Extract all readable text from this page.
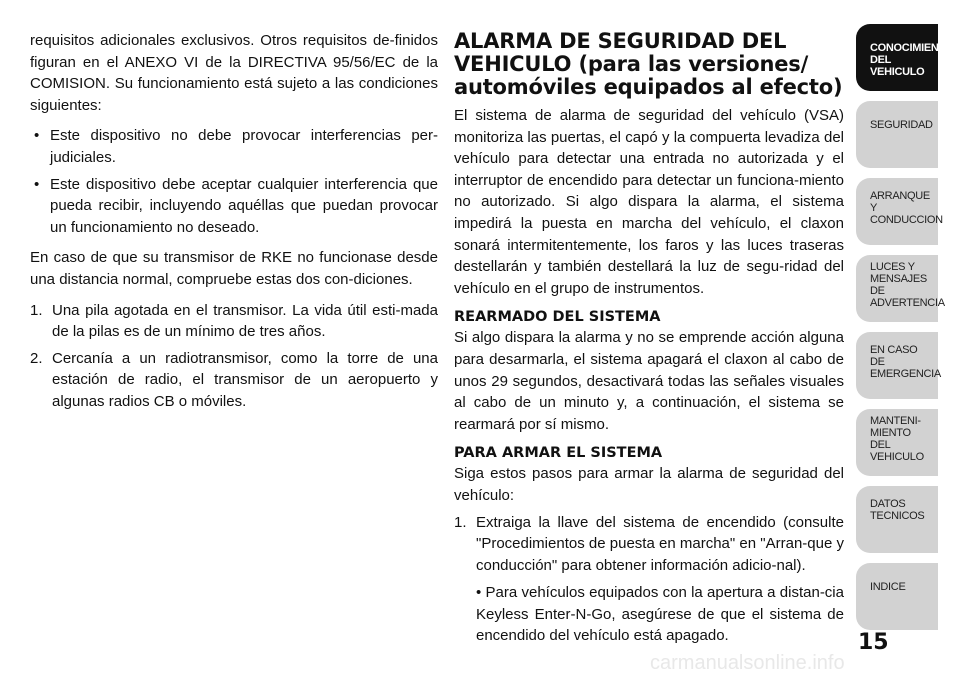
requisitos adicionales exclusivos. Otros requisitos de-finidos figuran en el ANEXO VI de la DIRECTIVA 95/56/EC de la COMISION. Su funcionamiento está sujeto a las condiciones siguientes:

• Este dispositivo no debe provocar interferencias per-judiciales.
• Este dispositivo debe aceptar cualquier interferencia que pueda recibir, incluyendo aquéllas que puedan provocar un funcionamiento no deseado.

En caso de que su transmisor de RKE no funcionase desde una distancia normal, compruebe estas dos con-diciones.

1. Una pila agotada en el transmisor. La vida útil esti-mada de la pilas es de un mínimo de tres años.
2. Cercanía a un radiotransmisor, como la torre de una estación de radio, el transmisor de un aeropuerto y algunas radios CB o móviles.
ALARMA DE SEGURIDAD DEL VEHICULO (para las versiones/ automóviles equipados al efecto)

El sistema de alarma de seguridad del vehículo (VSA) monitoriza las puertas, el capó y la compuerta levadiza del vehículo para detectar una entrada no autorizada y el interruptor de encendido para detectar un funciona-miento no autorizado. Si algo dispara la alarma, el sistema impedirá la puesta en marcha del vehículo, el claxon sonará intermitentemente, los faros y las luces traseras destellarán y también destellará la luz de segu-ridad del vehículo en el grupo de instrumentos.

REARMADO DEL SISTEMA

Si algo dispara la alarma y no se emprende acción alguna para desarmarla, el sistema apagará el claxon al cabo de unos 29 segundos, desactivará todas las señales visuales al cabo de un minuto y, a continuación, el sistema se rearmará por sí mismo.

PARA ARMAR EL SISTEMA

Siga estos pasos para armar la alarma de seguridad del vehículo:

1. Extraiga la llave del sistema de encendido (consulte "Procedimientos de puesta en marcha" en "Arran-que y conducción" para obtener información adicio-nal).
• Para vehículos equipados con la apertura a distan-cia Keyless Enter-N-Go, asegúrese de que el sistema de encendido del vehículo está apagado.
CONOCIMIENTO DEL VEHICULO
SEGURIDAD
ARRANQUE Y CONDUCCION
LUCES Y MENSAJES DE ADVERTENCIA
EN CASO DE EMERGENCIA
MANTENI-MIENTO DEL VEHICULO
DATOS TECNICOS
INDICE
15
carmanualsonline.info
